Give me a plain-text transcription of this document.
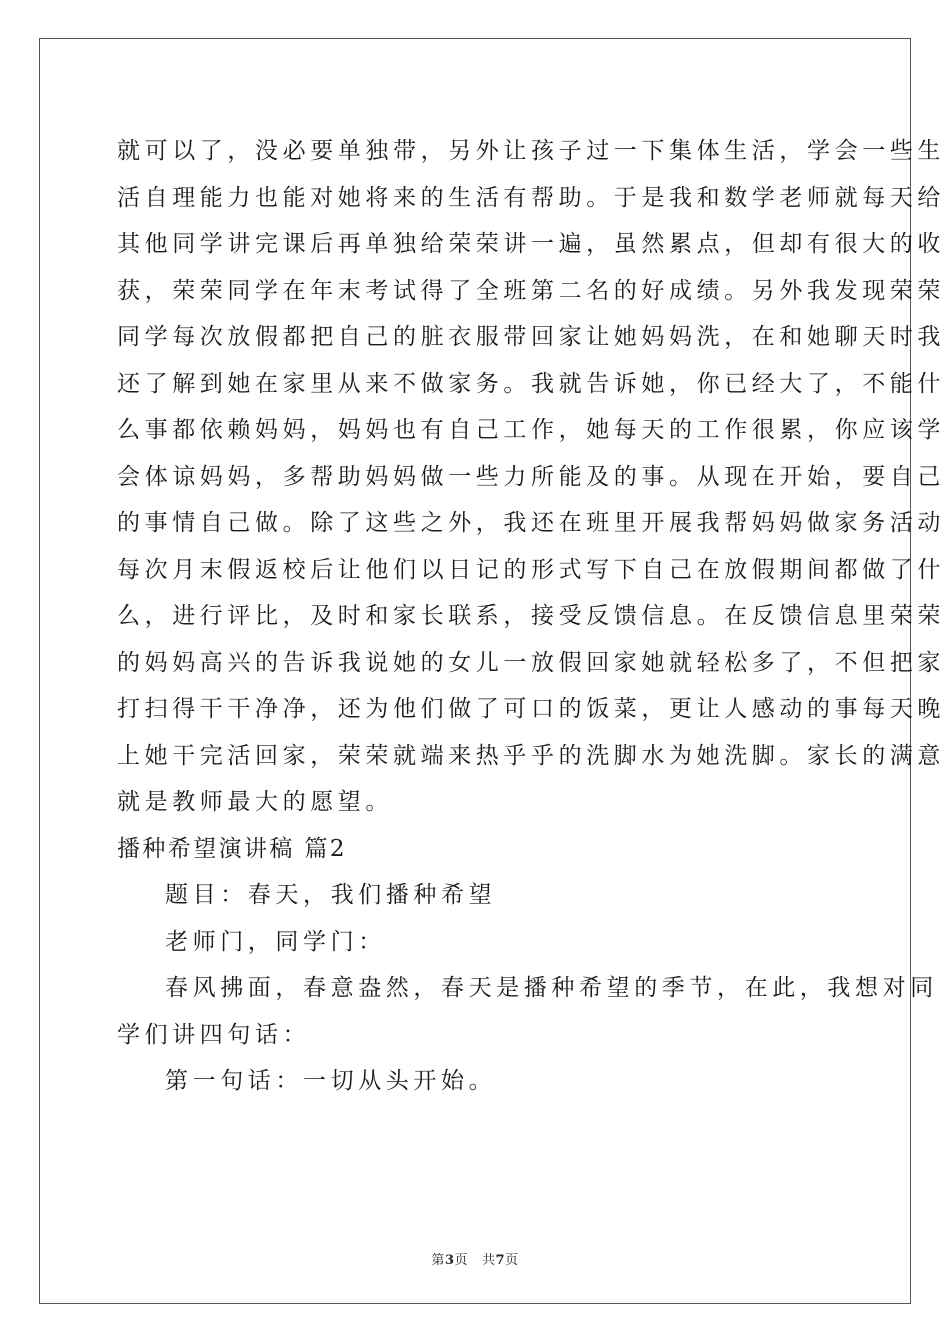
就可以了，没必要单独带，另外让孩子过一下集体生活，学会一些生
活自理能力也能对她将来的生活有帮助。于是我和数学老师就每天给
其他同学讲完课后再单独给荣荣讲一遍，虽然累点，但却有很大的收
获，荣荣同学在年末考试得了全班第二名的好成绩。另外我发现荣荣
同学每次放假都把自己的脏衣服带回家让她妈妈洗，在和她聊天时我
还了解到她在家里从来不做家务。我就告诉她，你已经大了，不能什
么事都依赖妈妈，妈妈也有自己工作，她每天的工作很累，你应该学
会体谅妈妈，多帮助妈妈做一些力所能及的事。从现在开始，要自己
的事情自己做。除了这些之外，我还在班里开展我帮妈妈做家务活动
每次月末假返校后让他们以日记的形式写下自己在放假期间都做了什
么，进行评比，及时和家长联系，接受反馈信息。在反馈信息里荣荣
的妈妈高兴的告诉我说她的女儿一放假回家她就轻松多了，不但把家
打扫得干干净净，还为他们做了可口的饭菜，更让人感动的事每天晚
上她干完活回家，荣荣就端来热乎乎的洗脚水为她洗脚。家长的满意
就是教师最大的愿望。
播种希望演讲稿 篇2
题目：春天，我们播种希望
老师门，同学门：
春风拂面，春意盎然，春天是播种希望的季节，在此，我想对同
学们讲四句话：
第一句话：一切从头开始。
第3页 共7页
